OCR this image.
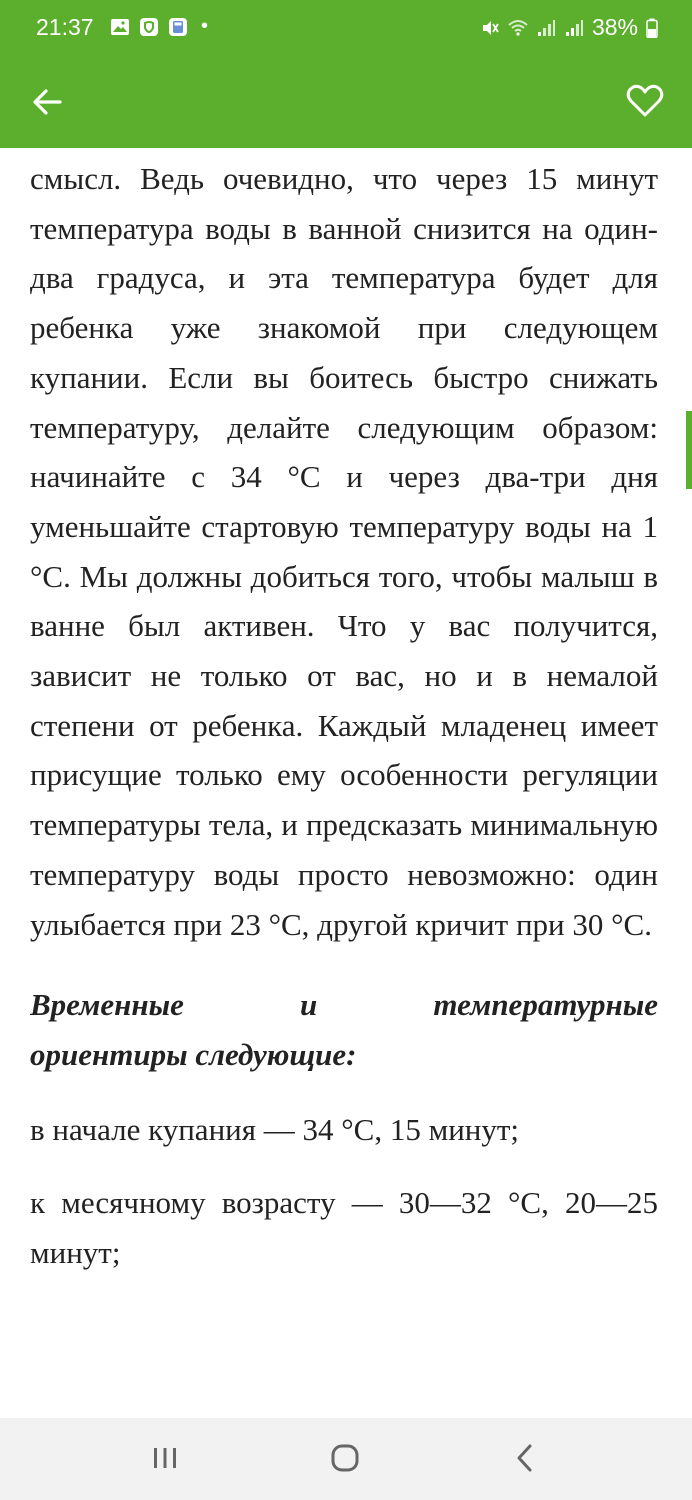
21:37	•	38%

смысл. Ведь очевидно, что через 15 минут температура воды в ванной снизится на один-два градуса, и эта температура будет для ребенка уже знакомой при следующем купании. Если вы боитесь быстро снижать температуру, делайте следующим образом: начинайте с 34 °C и через два-три дня уменьшайте стартовую температуру воды на 1 °C. Мы должны добиться того, чтобы малыш в ванне был активен. Что у вас получится, зависит не только от вас, но и в немалой степени от ребенка. Каждый младенец имеет присущие только ему особенности регуляции температуры тела, и предсказать минимальную температуру воды просто невозможно: один улыбается при 23 °C, другой кричит при 30 °C.

Временные и температурные
ориентиры следующие:

в начале купания — 34 °C, 15 минут;

к месячному возрасту — 30—32 °C, 20—25 минут;
